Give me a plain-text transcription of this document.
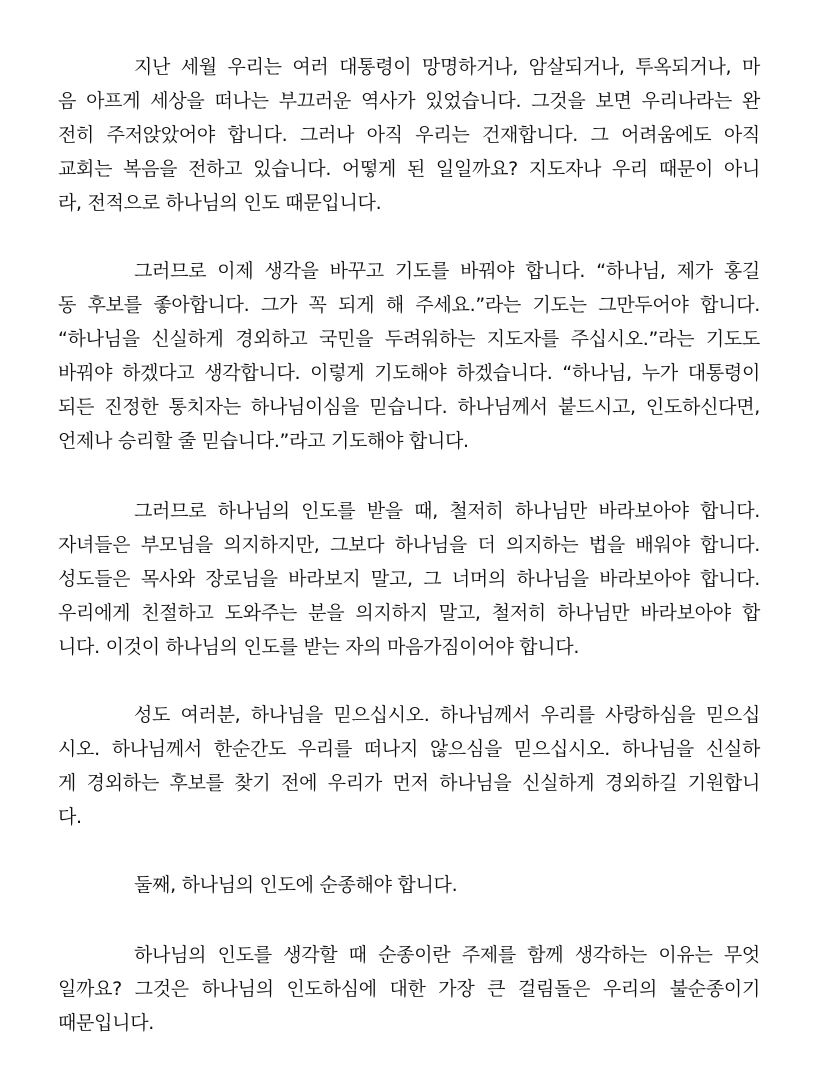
지난 세월 우리는 여러 대통령이 망명하거나, 암살되거나, 투옥되거나, 마
음 아프게 세상을 떠나는 부끄러운 역사가 있었습니다. 그것을 보면 우리나라는 완
전히 주저앉았어야 합니다. 그러나 아직 우리는 건재합니다. 그 어려움에도 아직
교회는 복음을 전하고 있습니다. 어떻게 된 일일까요? 지도자나 우리 때문이 아니
라, 전적으로 하나님의 인도 때문입니다.
그러므로 이제 생각을 바꾸고 기도를 바꿔야 합니다. “하나님, 제가 홍길
동 후보를 좋아합니다. 그가 꼭 되게 해 주세요.”라는 기도는 그만두어야 합니다.
“하나님을 신실하게 경외하고 국민을 두려워하는 지도자를 주십시오.”라는 기도도
바꿔야 하겠다고 생각합니다. 이렇게 기도해야 하겠습니다. “하나님, 누가 대통령이
되든 진정한 통치자는 하나님이심을 믿습니다. 하나님께서 붙드시고, 인도하신다면,
언제나 승리할 줄 믿습니다.”라고 기도해야 합니다.
그러므로 하나님의 인도를 받을 때, 철저히 하나님만 바라보아야 합니다.
자녀들은 부모님을 의지하지만, 그보다 하나님을 더 의지하는 법을 배워야 합니다.
성도들은 목사와 장로님을 바라보지 말고, 그 너머의 하나님을 바라보아야 합니다.
우리에게 친절하고 도와주는 분을 의지하지 말고, 철저히 하나님만 바라보아야 합
니다. 이것이 하나님의 인도를 받는 자의 마음가짐이어야 합니다.
성도 여러분, 하나님을 믿으십시오. 하나님께서 우리를 사랑하심을 믿으십
시오. 하나님께서 한순간도 우리를 떠나지 않으심을 믿으십시오. 하나님을 신실하
게 경외하는 후보를 찾기 전에 우리가 먼저 하나님을 신실하게 경외하길 기원합니
다.
둘째, 하나님의 인도에 순종해야 합니다.
하나님의 인도를 생각할 때 순종이란 주제를 함께 생각하는 이유는 무엇
일까요? 그것은 하나님의 인도하심에 대한 가장 큰 걸림돌은 우리의 불순종이기
때문입니다.
